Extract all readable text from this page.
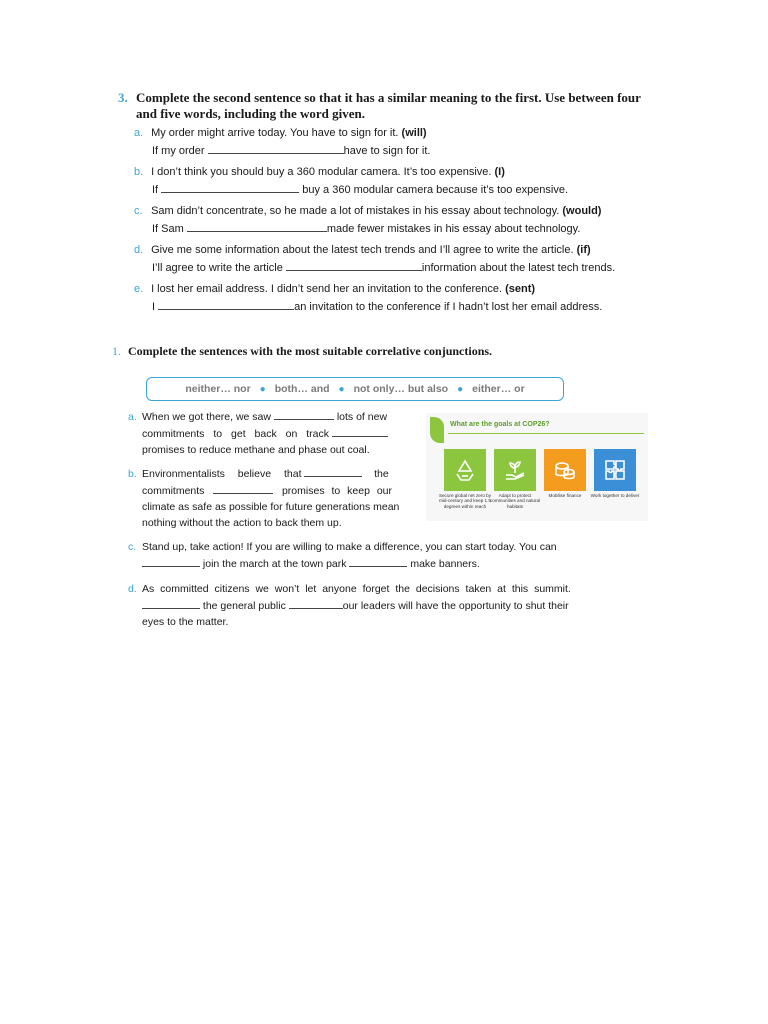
3. Complete the second sentence so that it has a similar meaning to the first. Use between four and five words, including the word given.

a. My order might arrive today. You have to sign for it. (will)
If my order	have to sign for it.
b. I don’t think you should buy a 360 modular camera. It’s too expensive. (I)
If	buy a 360 modular camera because it’s too expensive.
c. Sam didn’t concentrate, so he made a lot of mistakes in his essay about technology. (would)
If Sam	made fewer mistakes in his essay about technology.
d. Give me some information about the latest tech trends and I’ll agree to write the article. (if)
I’ll agree to write the article	information about the latest tech trends.
e. I lost her email address. I didn’t send her an invitation to the conference. (sent)
I	an invitation to the conference if I hadn’t lost her email address.

1. Complete the sentences with the most suitable correlative conjunctions.

neither… nor ● both… and ● not only… but also ● either… or
a. When we got there, we saw	lots of new
commitments to get back on track
promises to reduce methane and phase out coal.
b. Environmentalists believe that	the
commitments	promises to keep our
climate as safe as possible for future generations mean
nothing without the action to back them up.
c. Stand up, take action! If you are willing to make a difference, you can start today. You can
join the march at the town park	make banners.
d. As committed citizens we won’t let anyone forget the decisions taken at this summit.
the general public	our leaders will have the opportunity to shut their
eyes to the matter.
What are the goals at COP26?
Secure global net zero by mid-century and keep 1.5 degrees within reach
Adapt to protect communities and natural habitats
Mobilise finance	Work together to deliver
